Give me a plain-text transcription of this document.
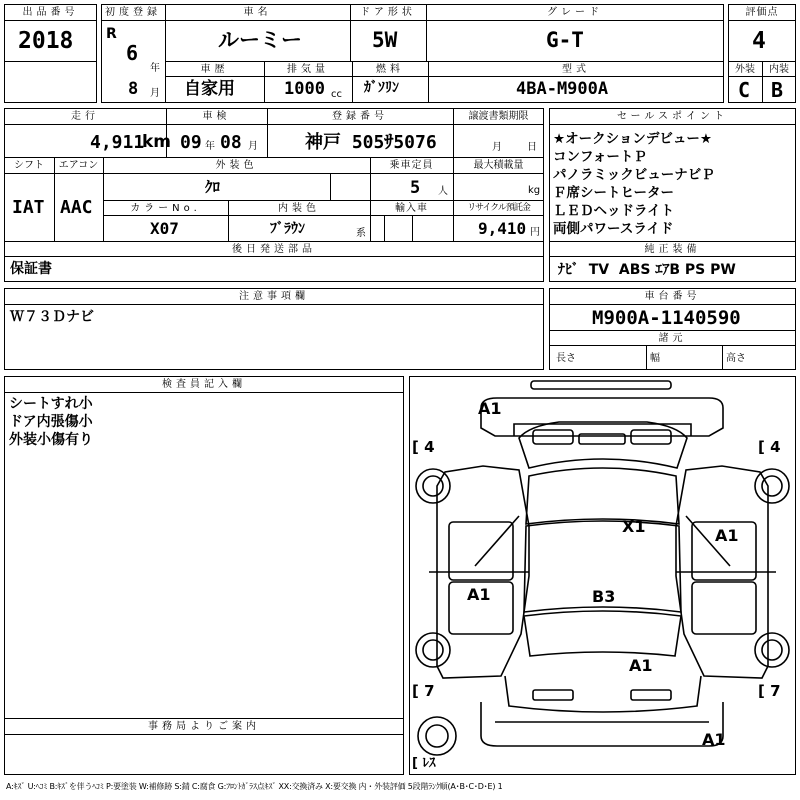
出品番号
2018
初度登録
R
6
年
8 月
車名
ルーミー
ドア形状
5W
グレード
G-T
車歴
自家用
排気量
1000 cc
燃料
ｶﾞｿﾘﾝ
型式
4BA-M900A
評価点
4
外装	内装
C B
走行
4,911
km
車検
09 年 08 月
登録番号
神戸 505ｻ5076
譲渡書類期限
月	日
シフト
IAT
エアコン
AAC
外装色
ｸﾛ
乗車定員
5 人
最大積載量
kg
カラーNo.
X07
内装色
ﾌﾞﾗｳﾝ	系
輸入車	リサイクル預託金
9,410 円
後日発送部品
保証書
セールスポイント
★オークションデビュー★
コンフォートＰ
パノラミックビューナビＰ
Ｆ席シートヒーター
ＬＥＤヘッドライト
両側パワースライド
純正装備
ﾅﾋﾞ  TV  ABS ｴｱB PS PW
注意事項欄
Ｗ７３Ｄナビ
車台番号
M900A-1140590
諸元
長さ	幅	高さ
検査員記入欄
シートすれ小
ドア内張傷小
外装小傷有り
事務局よりご案内
[ 4	[ 4
[ 7	[ 7
[ ﾚｽ
A1
X1	A1
A1	B3
A1
A1
A:ｷｽﾞ U:ﾍｺﾐ B:ｷｽﾞを伴うﾍｺﾐ P:要塗装 W:補修跡 S:錆 C:腐食 G:ﾌﾛﾝﾄｶﾞﾗｽ点ｷｽﾞ XX:交換済み X:要交換 内・外装評価 5段階ﾗﾝｸ順(A･B･C･D･E) 1
